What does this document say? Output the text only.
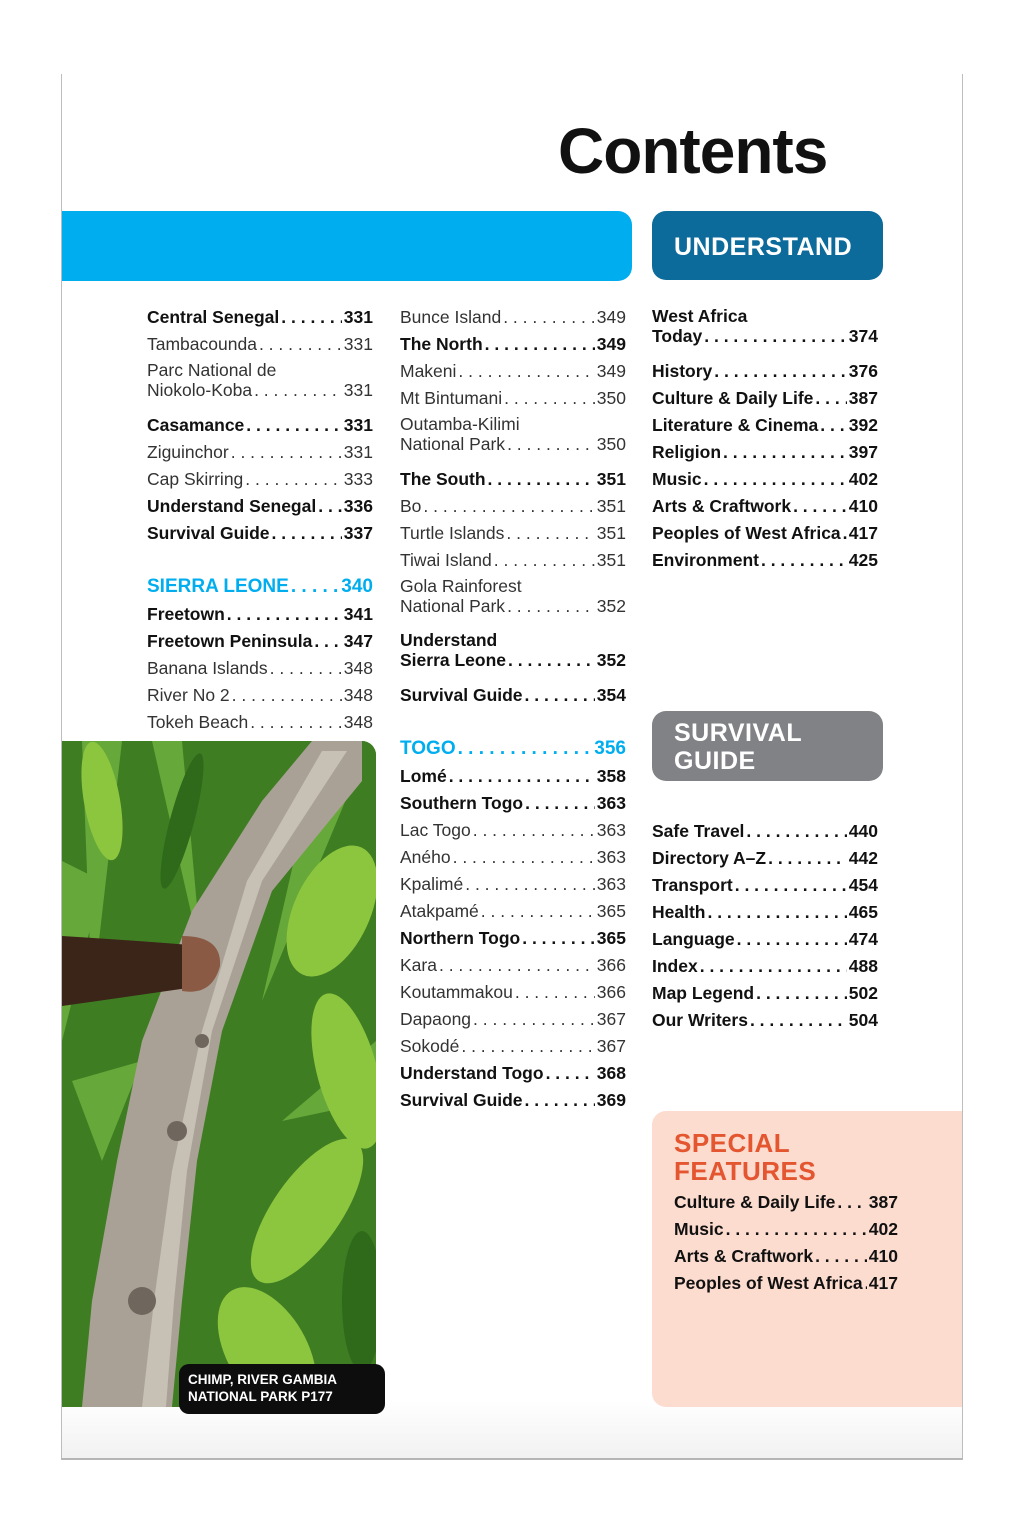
Contents
UNDERSTAND
SURVIVAL
GUIDE
SPECIAL
FEATURES
Central Senegal . . .	331
Tambacounda . . .	331
Parc National de
Niokolo-Koba . . .	331
Casamance . . .	331
Ziguinchor . . .	331
Cap Skirring . . .	333
Understand Senegal . . . 336
Survival Guide . . .	337
SIERRA LEONE . . .	340
Freetown . . .	341
Freetown Peninsula . . . 347
Banana Islands . . .	348
River No 2 . . .	348
Tokeh Beach . . .	348
Bunce Island . . .	349
The North . . .	349
Makeni . . .	349
Mt Bintumani . . .	350
Outamba-Kilimi
National Park . . .	350
The South . . .	351
Bo . . .	351
Turtle Islands . . .	351
Tiwai Island . . .	351
Gola Rainforest
National Park . . .	352
Understand
Sierra Leone . . .	352
Survival Guide . . .	354
TOGO . . .	356
Lomé . . .	358
Southern Togo . . .	363
Lac Togo . . .	363
Aného . . .	363
Kpalimé . . .	363
Atakpamé . . .	365
Northern Togo . . .	365
Kara . . .	366
Koutammakou . . .	366
Dapaong . . .	367
Sokodé . . .	367
Understand Togo . . .	368
Survival Guide . . .	369
West Africa
Today . . .	374
History . . .	376
Culture & Daily Life . . . 387
Literature & Cinema . . . 392
Religion . . .	397
Music . . .	402
Arts & Craftwork . . .	410
Peoples of West Africa . . . 417
Environment . . .	425
Safe Travel . . .	440
Directory A–Z . . .	442
Transport . . .	454
Health . . .	465
Language . . .	474
Index . . .	488
Map Legend . . .	502
Our Writers . . .	504
Culture & Daily Life . . . 387
Music . . .	402
Arts & Craftwork . . .	410
Peoples of West Africa . . . 417
CHIMP, RIVER GAMBIA
NATIONAL PARK P177
